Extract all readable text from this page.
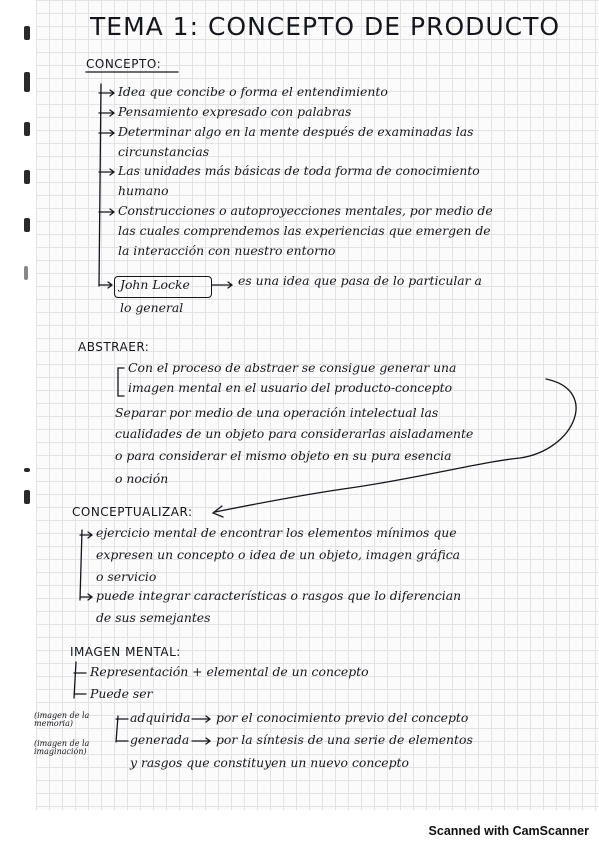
TEMA 1: CONCEPTO DE PRODUCTO
CONCEPTO:
Idea que concibe o forma el entendimiento
Pensamiento expresado con palabras
Determinar algo en la mente después de examinadas las
circunstancias
Las unidades más básicas de toda forma de conocimiento
humano
Construcciones o autoproyecciones mentales, por medio de
las cuales comprendemos las experiencias que emergen de
la interacción con nuestro entorno
John Locke	es una idea que pasa de lo particular a
lo general
ABSTRAER:
Con el proceso de abstraer se consigue generar una
imagen mental en el usuario del producto-concepto
Separar por medio de una operación intelectual las
cualidades de un objeto para considerarlas aisladamente
o para considerar el mismo objeto en su pura esencia
o noción
CONCEPTUALIZAR:
ejercicio mental de encontrar los elementos mínimos que
expresen un concepto o idea de un objeto, imagen gráfica
o servicio
puede integrar características o rasgos que lo diferencian
de sus semejantes
IMAGEN MENTAL:
Representación + elemental de un concepto
Puede ser
adquirida por el conocimiento previo del concepto
generada por la síntesis de una serie de elementos
y rasgos que constituyen un nuevo concepto
(imagen de la memoria)
(imagen de la imaginación)
Scanned with CamScanner
